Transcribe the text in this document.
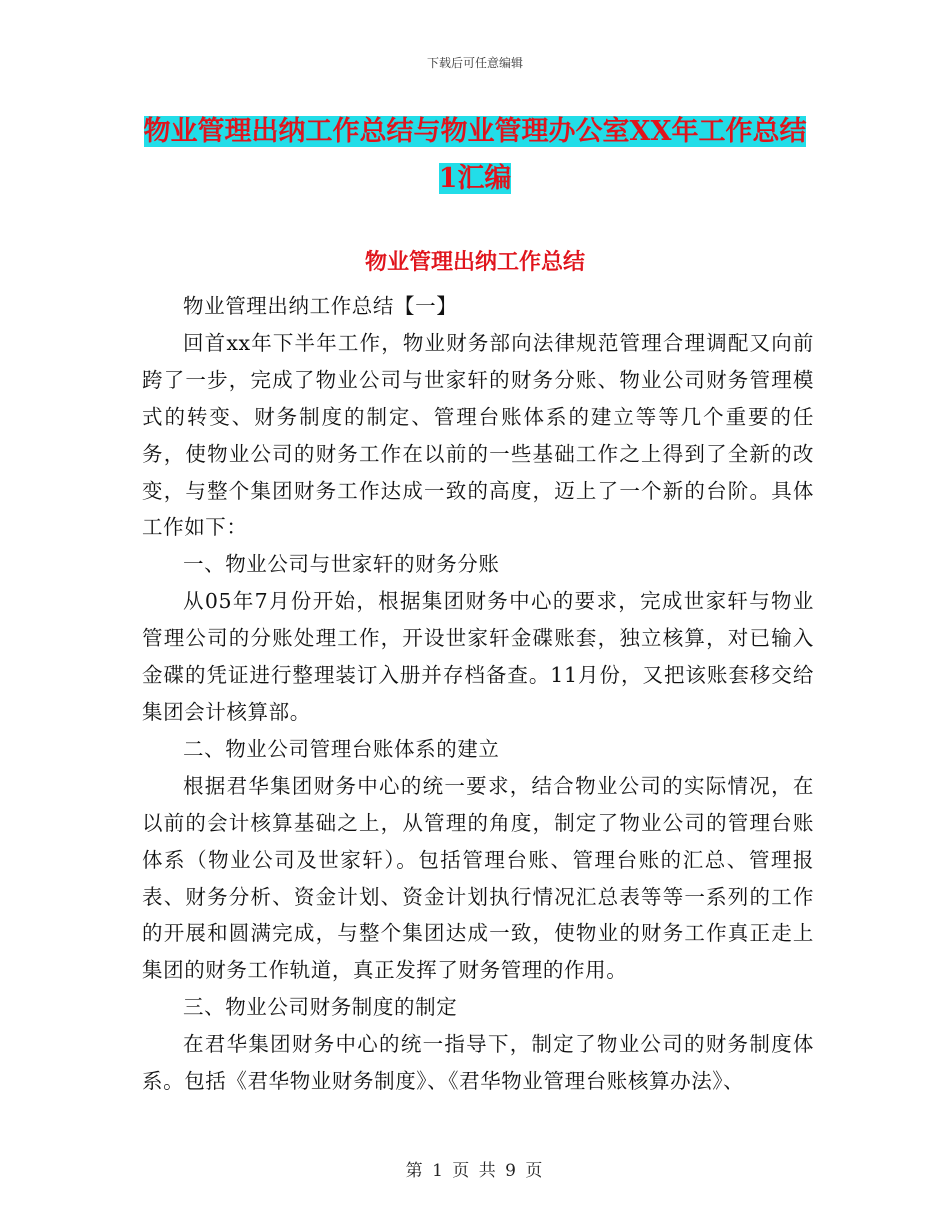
下载后可任意编辑
物业管理出纳工作总结与物业管理办公室XX年工作总结1汇编
物业管理出纳工作总结

物业管理出纳工作总结【一】

回首xx年下半年工作，物业财务部向法律规范管理合理调配又向前跨了一步，完成了物业公司与世家轩的财务分账、物业公司财务管理模式的转变、财务制度的制定、管理台账体系的建立等等几个重要的任务，使物业公司的财务工作在以前的一些基础工作之上得到了全新的改变，与整个集团财务工作达成一致的高度，迈上了一个新的台阶。具体工作如下：

一、物业公司与世家轩的财务分账

从05年7月份开始，根据集团财务中心的要求，完成世家轩与物业管理公司的分账处理工作，开设世家轩金碟账套，独立核算，对已输入金碟的凭证进行整理装订入册并存档备查。11月份，又把该账套移交给集团会计核算部。

二、物业公司管理台账体系的建立

根据君华集团财务中心的统一要求，结合物业公司的实际情况，在以前的会计核算基础之上，从管理的角度，制定了物业公司的管理台账体系（物业公司及世家轩）。包括管理台账、管理台账的汇总、管理报表、财务分析、资金计划、资金计划执行情况汇总表等等一系列的工作的开展和圆满完成，与整个集团达成一致，使物业的财务工作真正走上集团的财务工作轨道，真正发挥了财务管理的作用。

三、物业公司财务制度的制定

在君华集团财务中心的统一指导下，制定了物业公司的财务制度体系。包括《君华物业财务制度》、《君华物业管理台账核算办法》、

第 1 页 共 9 页
